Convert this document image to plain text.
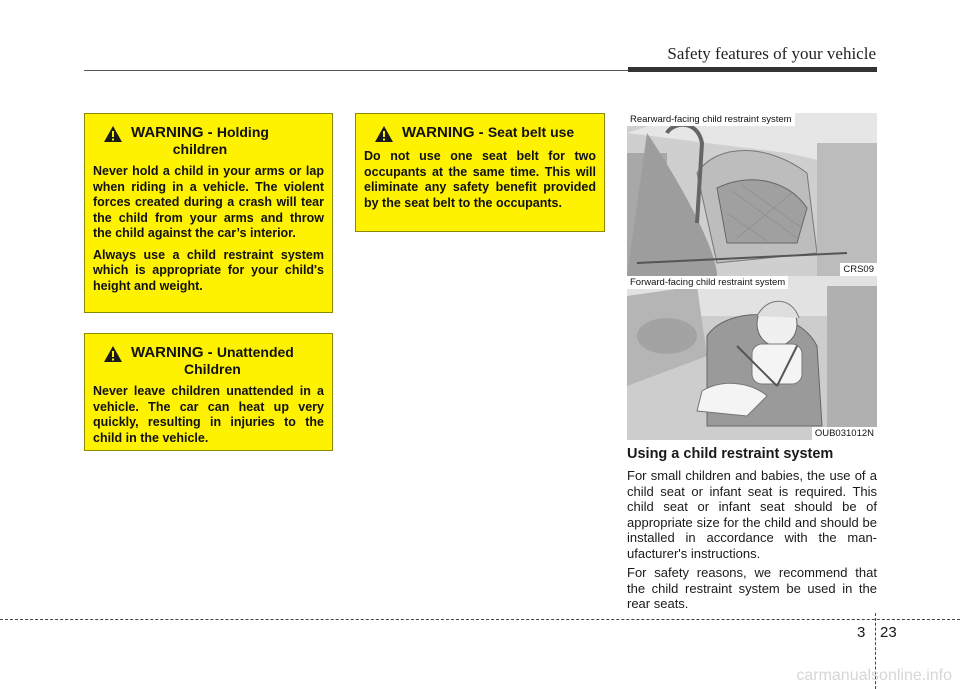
Safety features of your vehicle
WARNING - Holding
children

Never hold a child in your arms or lap when riding in a vehicle. The violent forces created during a crash will tear the child from your arms and throw the child against the car’s interior.

Always use a child restraint system which is appropriate for your child's height and weight.

WARNING - Unattended
Children

Never leave children unattended in a vehicle. The car can heat up very quickly, resulting in injuries to the child in the vehicle.

WARNING - Seat belt use

Do not use one seat belt for two occupants at the same time. This will eliminate any safety benefit provided by the seat belt to the occupants.

Rearward-facing child restraint system
CRS09
Forward-facing child restraint system
OUB031012N
Using a child restraint system

For small children and babies, the use of a child seat or infant seat is required. This child seat or infant seat should be of appropriate size for the child and should be installed in accordance with the man-ufacturer's instructions.

For safety reasons, we recommend that the child restraint system be used in the rear seats.

3 23
carmanualsonline.info
